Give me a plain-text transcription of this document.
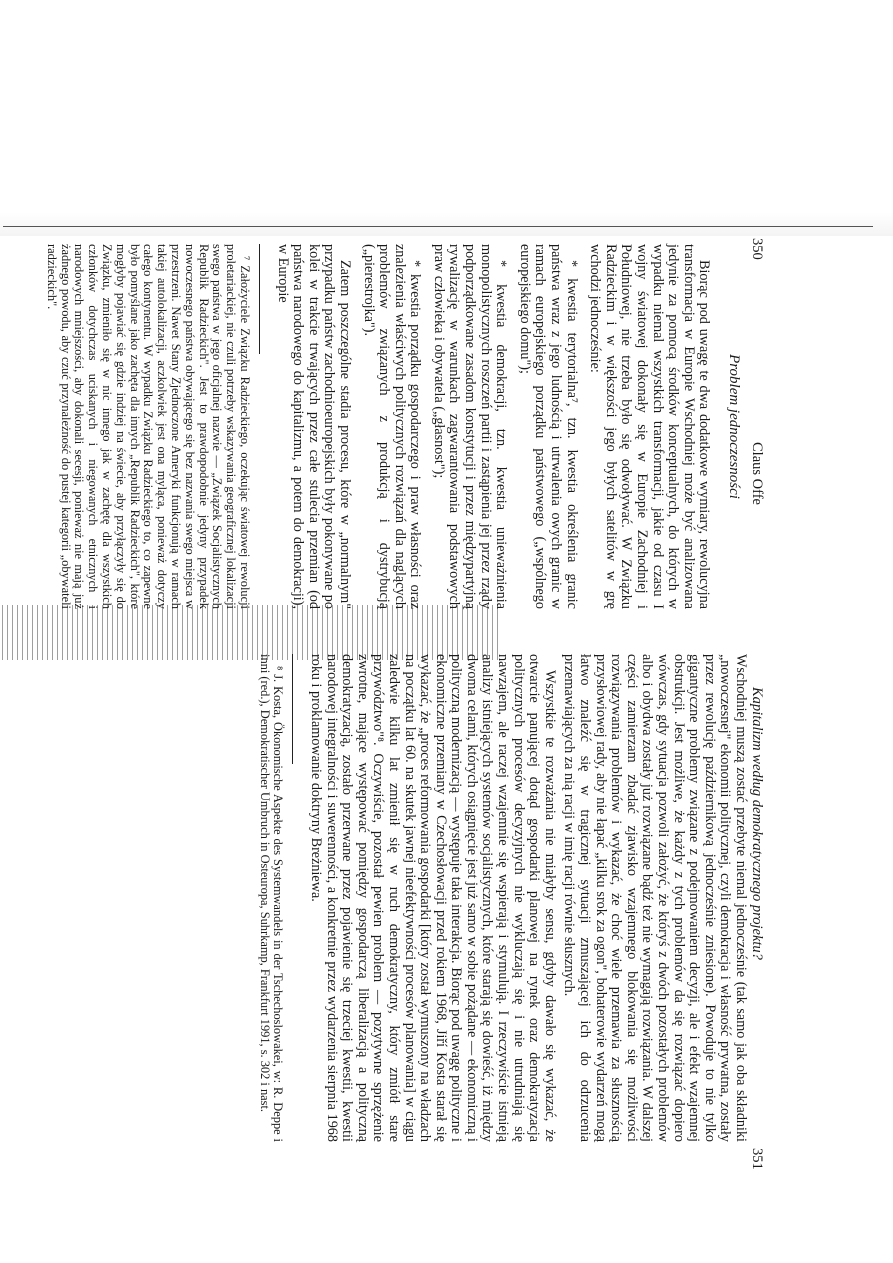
350
Claus Offe
Problem jednoczesności

Biorąc pod uwagę te dwa dodatkowe wymiary, rewolucyjna transformacja w Europie Wschodniej może być analizowana jedynie za pomocą środków konceptualnych, do których w wypadku niemal wszystkich transformacji, jakie od czasu I wojny światowej dokonały się w Europie Zachodniej i Południowej, nie trzeba było się odwoływać. W Związku Radzieckim i w większości jego byłych satelitów w grę wchodzi jednocześnie:

* kwestia terytorialna⁷, tzn. kwestia określenia granic państwa wraz z jego ludnością i utrwalenia owych granic w ramach europejskiego porządku państwowego („wspólnego europejskiego domu");

* kwestia demokracji, tzn. kwestia unieważnienia monopolistycznych roszczeń partii i zastąpienia jej przez rządy podporządkowane zasadom konstytucji i przez międzypartyjną rywalizację w warunkach zagwarantowania podstawowych praw człowieka i obywatela („głasnost");

* kwestia porządku gospodarczego i praw własności oraz znalezienia właściwych politycznych rozwiązań dla naglących problemów związanych z produkcją i dystrybucją („pierestrojka").

Zatem poszczególne stadia procesu, które w „normalnym" przypadku państw zachodnioeuropejskich były pokonywane po kolei w trakcie trwających przez całe stulecia przemian (od państwa narodowego do kapitalizmu, a potem do demokracji), w Europie

⁷ Założyciele Związku Radzieckiego, oczekując światowej rewolucji proletariackiej, nie czuli potrzeby wskazywania geograficznej lokalizacji swego państwa w jego oficjalnej nazwie — „Związek Socjalistycznych Republik Radzieckich". Jest to prawdopodobnie jedyny przypadek nowoczesnego państwa obywającego się bez nazwania swego miejsca w przestrzeni. Nawet Stany Zjednoczone Ameryki funkcjonują w ramach takiej autolokalizacji, aczkolwiek jest ona myląca, ponieważ dotyczy całego kontynentu. W wypadku Związku Radzieckiego to, co zapewne było pomyślane jako zachęta dla innych „Republik Radzieckich", które mogłyby pojawiać się gdzie indziej na świecie, aby przyłączyły się do Związku, zmieniło się w nic innego jak w zachętę dla wszystkich członków dotychczas uciskanych i niegowanych etnicznych i narodowych mniejszości, aby dokonali secesji, ponieważ nie mają już żadnego powodu, aby czuć przynależność do pustej kategorii „obywateli radzieckich".

Kapitalizm według demokratycznego projektu?
351

Wschodniej muszą zostać przebyte niemal jednocześnie (tak samo jak oba składniki „nowoczesnej" ekonomii politycznej, czyli demokracja i własność prywatna, zostały przez rewolucję październikową jednocześnie zniesione). Powoduje to nie tylko gigantyczne problemy związane z podejmowaniem decyzji, ale i efekt wzajemnej obstrukcji. Jest możliwe, że każdy z tych problemów da się rozwiązać dopiero wówczas, gdy sytuacja pozwoli założyć, że któryś z dwóch pozostałych problemów albo i obydwa zostały już rozwiązane bądź też nie wymagają rozwiązania. W dalszej części zamierzam zbadać zjawisko wzajemnego blokowania się możliwości rozwiązywania problemów i wykazać, że choć wiele przemawia za słusznością przysłowiowej rady, aby nie łapać „kilku srok za ogon", bohaterowie wydarzeń mogą łatwo znaleźć się w tragicznej sytuacji zmuszającej ich do odrzucenia przemawiających za nią racji w imię racji równie słusznych.

Wszystkie te rozważania nie miałyby sensu, gdyby dawało się wykazać, że otwarcie panującej dotąd gospodarki planowej na rynek oraz demokratyzacja politycznych procesów decyzyjnych nie wykluczają się i nie utrudniają się nawzajem, ale raczej wzajemnie się wspierają i stymulują. I rzeczywiście istnieją analizy istniejących systemów socjalistycznych, które starają się dowieść, iż między dwoma celami, których osiągnięcie jest już samo w sobie pożądane — ekonomiczną i polityczną modernizacją — występuje taka interakcja. Biorąc pod uwagę polityczne i ekonomiczne przemiany w Czechosłowacji przed rokiem 1968, Jiří Kosta starał się wykazać, że „proces reformowania gospodarki [który został wymuszony na władzach na początku lat 60. na skutek jawnej nieefektywności procesów planowania] w ciągu zaledwie kilku lat zmienił się w ruch demokratyczny, który zmiótł stare przywództwo"⁸. Oczywiście, pozostał pewien problem — pozytywne sprzężenie zwrotne, mające występować pomiędzy gospodarczą liberalizacją a polityczną demokratyzacją, zostało przerwane przez pojawienie się trzeciej kwestii, kwestii narodowej integralności i suwerenności, a konkretnie przez wydarzenia sierpnia 1968 roku i proklamowanie doktryny Breżniewa.

⁸ J. Kosta, Ökonomische Aspekte des Systemwandels in der Tschechoslowakei, w: R. Deppe i inni (red.), Demokratischer Umbruch in Osteuropa, Suhrkamp, Frankfurt 1991, s. 302 i nast.
